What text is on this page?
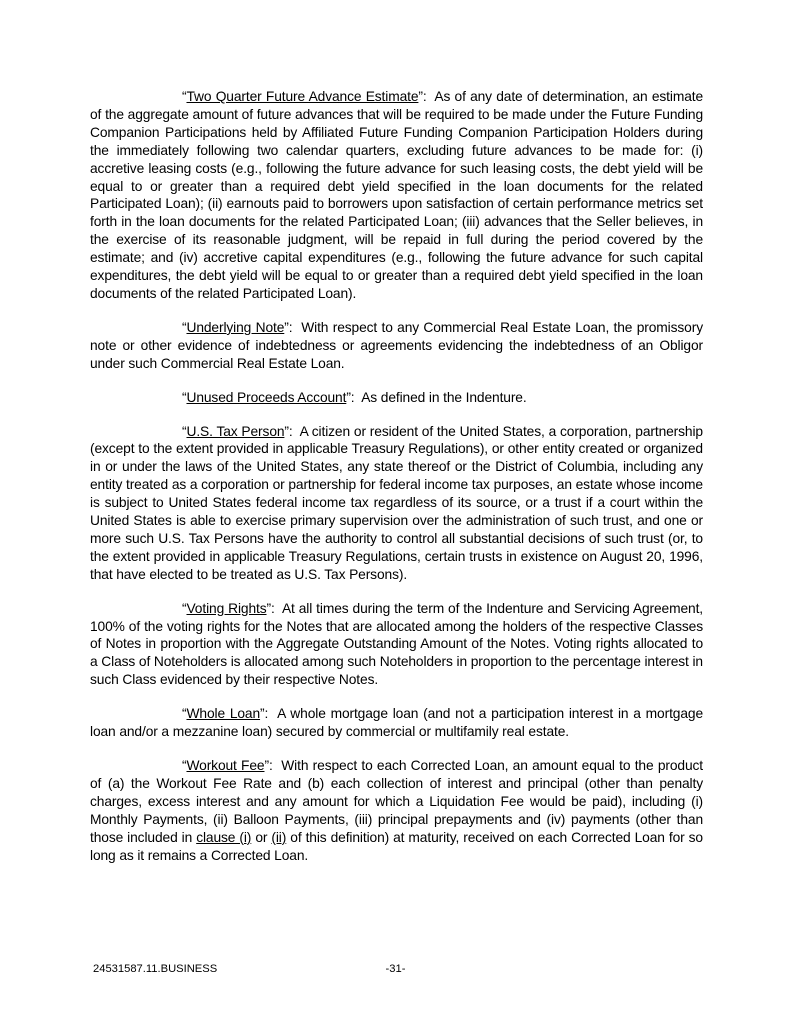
“Two Quarter Future Advance Estimate”:  As of any date of determination, an estimate of the aggregate amount of future advances that will be required to be made under the Future Funding Companion Participations held by Affiliated Future Funding Companion Participation Holders during the immediately following two calendar quarters, excluding future advances to be made for: (i) accretive leasing costs (e.g., following the future advance for such leasing costs, the debt yield will be equal to or greater than a required debt yield specified in the loan documents for the related Participated Loan); (ii) earnouts paid to borrowers upon satisfaction of certain performance metrics set forth in the loan documents for the related Participated Loan; (iii) advances that the Seller believes, in the exercise of its reasonable judgment, will be repaid in full during the period covered by the estimate; and (iv) accretive capital expenditures (e.g., following the future advance for such capital expenditures, the debt yield will be equal to or greater than a required debt yield specified in the loan documents of the related Participated Loan).

“Underlying Note”:  With respect to any Commercial Real Estate Loan, the promissory note or other evidence of indebtedness or agreements evidencing the indebtedness of an Obligor under such Commercial Real Estate Loan.

“Unused Proceeds Account”:  As defined in the Indenture.

“U.S. Tax Person”:  A citizen or resident of the United States, a corporation, partnership (except to the extent provided in applicable Treasury Regulations), or other entity created or organized in or under the laws of the United States, any state thereof or the District of Columbia, including any entity treated as a corporation or partnership for federal income tax purposes, an estate whose income is subject to United States federal income tax regardless of its source, or a trust if a court within the United States is able to exercise primary supervision over the administration of such trust, and one or more such U.S. Tax Persons have the authority to control all substantial decisions of such trust (or, to the extent provided in applicable Treasury Regulations, certain trusts in existence on August 20, 1996, that have elected to be treated as U.S. Tax Persons).

“Voting Rights”:  At all times during the term of the Indenture and Servicing Agreement, 100% of the voting rights for the Notes that are allocated among the holders of the respective Classes of Notes in proportion with the Aggregate Outstanding Amount of the Notes. Voting rights allocated to a Class of Noteholders is allocated among such Noteholders in proportion to the percentage interest in such Class evidenced by their respective Notes.

“Whole Loan”:  A whole mortgage loan (and not a participation interest in a mortgage loan and/or a mezzanine loan) secured by commercial or multifamily real estate.

“Workout Fee”:  With respect to each Corrected Loan, an amount equal to the product of (a) the Workout Fee Rate and (b) each collection of interest and principal (other than penalty charges, excess interest and any amount for which a Liquidation Fee would be paid), including (i) Monthly Payments, (ii) Balloon Payments, (iii) principal prepayments and (iv) payments (other than those included in clause (i) or (ii) of this definition) at maturity, received on each Corrected Loan for so long as it remains a Corrected Loan.

24531587.11.BUSINESS	-31-
